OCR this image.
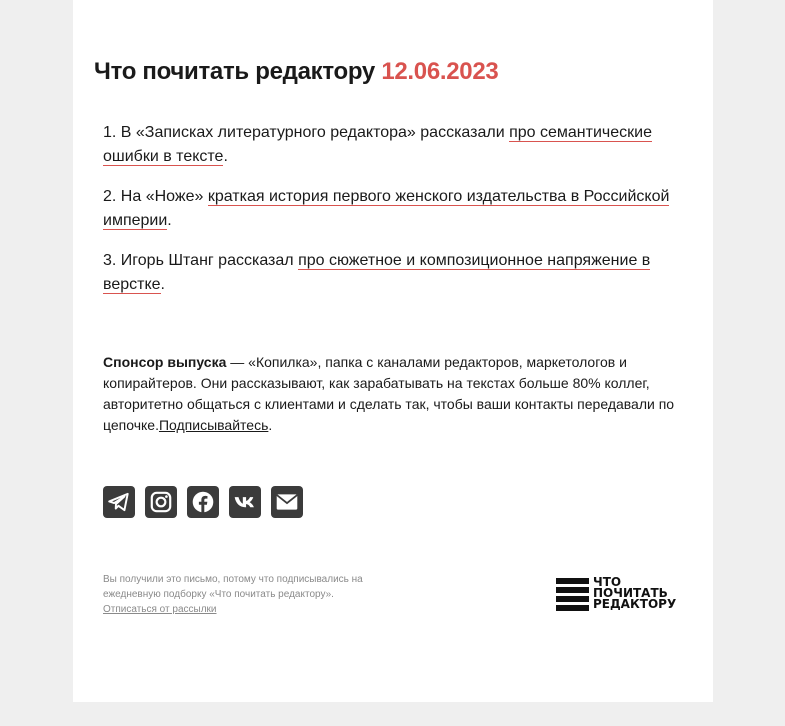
Что почитать редактору 12.06.2023

1. В «Записках литературного редактора» рассказали про семантические ошибки в тексте.

2. На «Ноже» краткая история первого женского издательства в Российской империи.

3. Игорь Штанг рассказал про сюжетное и композиционное напряжение в верстке.

Спонсор выпуска — «Копилка», папка с каналами редакторов, маркетологов и копирайтеров. Они рассказывают, как зарабатывать на текстах больше 80% коллег, авторитетно общаться с клиентами и сделать так, чтобы ваши контакты передавали по цепочке.Подписывайтесь.

Вы получили это письмо, потому что подписывались на ежедневную подборку «Что почитать редактору».
Отписаться от рассылки

ЧТО
ПОЧИТАТЬ
РЕДАКТОРУ
